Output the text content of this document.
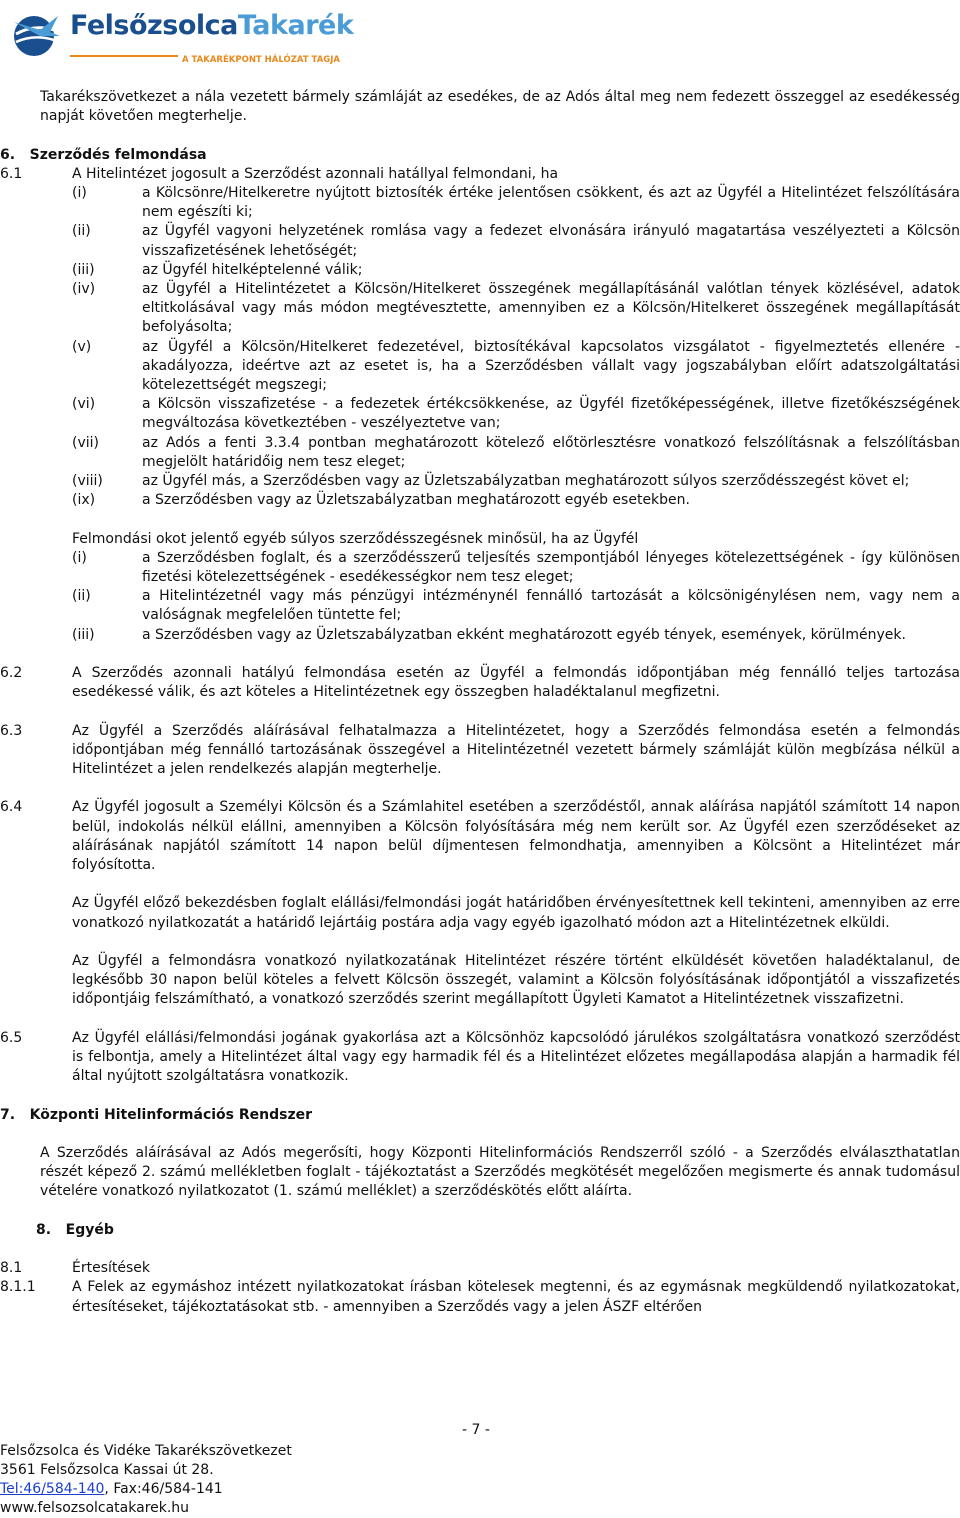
FelsőzsolcaTakarék
A TAKARÉKPONT HÁLÓZAT TAGJA

Takarékszövetkezet a nála vezetett bármely számláját az esedékes, de az Adós által meg nem fedezett összeggel az esedékesség napját követően megterhelje.

6.   Szerződés felmondása

6.1	A Hitelintézet jogosult a Szerződést azonnali hatállyal felmondani, ha
(i)	a Kölcsönre/Hitelkeretre nyújtott biztosíték értéke jelentősen csökkent, és azt az Ügyfél a Hitelintézet felszólítására nem egészíti ki;
(ii)	az Ügyfél vagyoni helyzetének romlása vagy a fedezet elvonására irányuló magatartása veszélyezteti a Kölcsön visszafizetésének lehetőségét;
(iii)	az Ügyfél hitelképtelenné válik;
(iv)	az Ügyfél a Hitelintézetet a Kölcsön/Hitelkeret összegének megállapításánál valótlan tények közlésével, adatok eltitkolásával vagy más módon megtévesztette, amennyiben ez a Kölcsön/Hitelkeret összegének megállapítását befolyásolta;
(v)	az Ügyfél a Kölcsön/Hitelkeret fedezetével, biztosítékával kapcsolatos vizsgálatot - figyelmeztetés ellenére - akadályozza, ideértve azt az esetet is, ha a Szerződésben vállalt vagy jogszabályban előírt adatszolgáltatási kötelezettségét megszegi;
(vi)	a Kölcsön visszafizetése - a fedezetek értékcsökkenése, az Ügyfél fizetőképességének, illetve fizetőkészségének megváltozása következtében - veszélyeztetve van;
(vii)	az Adós a fenti 3.3.4 pontban meghatározott kötelező előtörlesztésre vonatkozó felszólításnak a felszólításban megjelölt határidőig nem tesz eleget;
(viii)	az Ügyfél más, a Szerződésben vagy az Üzletszabályzatban meghatározott súlyos szerződésszegést követ el;
(ix)	a Szerződésben vagy az Üzletszabályzatban meghatározott egyéb esetekben.

Felmondási okot jelentő egyéb súlyos szerződésszegésnek minősül, ha az Ügyfél

(i)	a Szerződésben foglalt, és a szerződésszerű teljesítés szempontjából lényeges kötelezettségének - így különösen fizetési kötelezettségének - esedékességkor nem tesz eleget;
(ii)	a Hitelintézetnél vagy más pénzügyi intézménynél fennálló tartozását a kölcsönigénylésen nem, vagy nem a valóságnak megfelelően tüntette fel;
(iii)	a Szerződésben vagy az Üzletszabályzatban ekként meghatározott egyéb tények, események, körülmények.
6.2	A Szerződés azonnali hatályú felmondása esetén az Ügyfél a felmondás időpontjában még fennálló teljes tartozása esedékessé válik, és azt köteles a Hitelintézetnek egy összegben haladéktalanul megfizetni.
6.3	Az Ügyfél a Szerződés aláírásával felhatalmazza a Hitelintézetet, hogy a Szerződés felmondása esetén a felmondás időpontjában még fennálló tartozásának összegével a Hitelintézetnél vezetett bármely számláját külön megbízása nélkül a Hitelintézet a jelen rendelkezés alapján megterhelje.
6.4	Az Ügyfél jogosult a Személyi Kölcsön és a Számlahitel esetében a szerződéstől, annak aláírása napjától számított 14 napon belül, indokolás nélkül elállni, amennyiben a Kölcsön folyósítására még nem került sor. Az Ügyfél ezen szerződéseket az aláírásának napjától számított 14 napon belül díjmentesen felmondhatja, amennyiben a Kölcsönt a Hitelintézet már folyósította.

Az Ügyfél előző bekezdésben foglalt elállási/felmondási jogát határidőben érvényesítettnek kell tekinteni, amennyiben az erre vonatkozó nyilatkozatát a határidő lejártáig postára adja vagy egyéb igazolható módon azt a Hitelintézetnek elküldi.

Az Ügyfél a felmondásra vonatkozó nyilatkozatának Hitelintézet részére történt elküldését követően haladéktalanul, de legkésőbb 30 napon belül köteles a felvett Kölcsön összegét, valamint a Kölcsön folyósításának időpontjától a visszafizetés időpontjáig felszámítható, a vonatkozó szerződés szerint megállapított Ügyleti Kamatot a Hitelintézetnek visszafizetni.

6.5	Az Ügyfél elállási/felmondási jogának gyakorlása azt a Kölcsönhöz kapcsolódó járulékos szolgáltatásra vonatkozó szerződést is felbontja, amely a Hitelintézet által vagy egy harmadik fél és a Hitelintézet előzetes megállapodása alapján a harmadik fél által nyújtott szolgáltatásra vonatkozik.

7.   Központi Hitelinformációs Rendszer

A Szerződés aláírásával az Adós megerősíti, hogy Központi Hitelinformációs Rendszerről szóló - a Szerződés elválaszthatatlan részét képező 2. számú mellékletben foglalt - tájékoztatást a Szerződés megkötését megelőzően megismerte és annak tudomásul vételére vonatkozó nyilatkozatot (1. számú melléklet) a szerződéskötés előtt aláírta.

8.   Egyéb

8.1	Értesítések
8.1.1	A Felek az egymáshoz intézett nyilatkozatokat írásban kötelesek megtenni, és az egymásnak megküldendő nyilatkozatokat, értesítéseket, tájékoztatásokat stb. - amennyiben a Szerződés vagy a jelen ÁSZF eltérően
- 7 -
Felsőzsolca és Vidéke Takarékszövetkezet
3561 Felsőzsolca Kassai út 28.
Tel:46/584-140, Fax:46/584-141
www.felsozsolcatakarek.hu
